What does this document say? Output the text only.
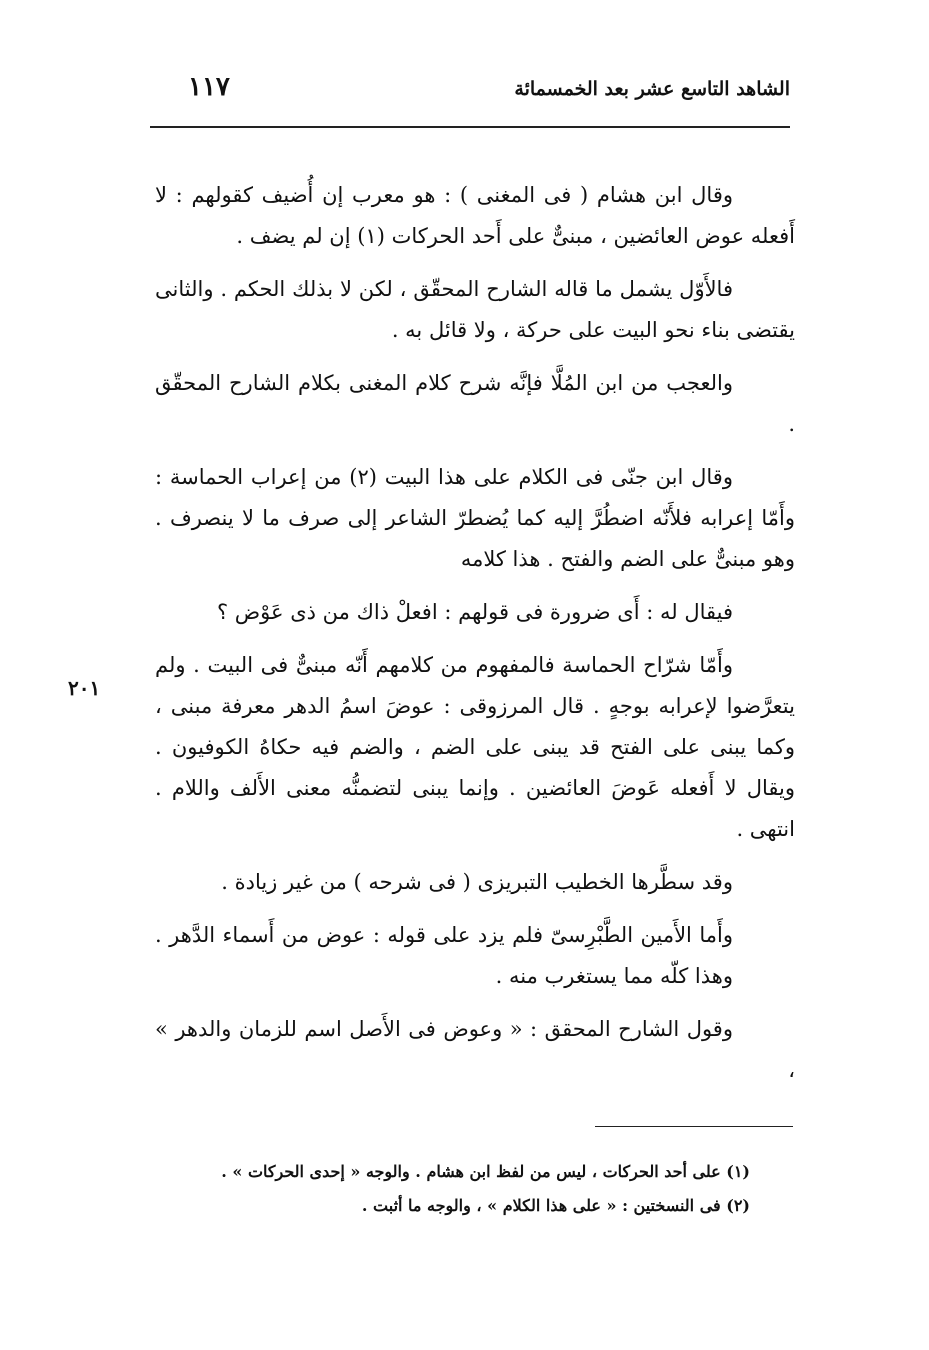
الشاهد التاسع عشر بعد الخمسمائة
١١٧

وقال ابن هشام ( فى المغنى ) : هو معرب إن أُضيف كقولهم : لا أَفعله عوض العائضين ، مبنىٌّ على أَحد الحركات (١) إن لم يضف .

فالأَوّل يشمل ما قاله الشارح المحقّق ، لكن لا بذلك الحكم . والثانى يقتضى بناء نحو البيت على حركة ، ولا قائل به .

والعجب من ابن المُلَّا فإنَّه شرح كلام المغنى بكلام الشارح المحقّق .

وقال ابن جنّى فى الكلام على هذا البيت (٢) من إعراب الحماسة : وأَمّا إعرابه فلأَنّه اضطُرَّ إليه كما يُضطرّ الشاعر إلى صرف ما لا ينصرف . وهو مبنىٌّ على الضم والفتح . هذا كلامه

فيقال له : أَى ضرورة فى قولهم : افعلْ ذاك من ذى عَوْض ؟

وأَمّا شرّاح الحماسة فالمفهوم من كلامهم أَنّه مبنىٌّ فى البيت . ولم يتعرَّضوا لإعرابه بوجهٍ . قال المرزوقى : عوضَ اسمُ الدهر معرفة مبنى ، وكما يبنى على الفتح قد يبنى على الضم ، والضم فيه حكاهُ الكوفيون . ويقال لا أَفعله عَوضَ العائضين . وإنما يبنى لتضمنُّه معنى الأَلف واللام . انتهى .

وقد سطَّرها الخطيب التبريزى ( فى شرحه ) من غير زيادة .

وأَما الأَمين الطَّبْرِسىّ فلم يزد على قوله : عوض من أَسماء الدَّهر . وهذا كلّه مما يستغرب منه .

وقول الشارح المحقق : « وعوض فى الأَصل اسم للزمان والدهر » ،

٢٠١
(١) على أحد الحركات ، ليس من لفظ ابن هشام . والوجه « إحدى الحركات » .
(٢) فى النسختين : « على هذا الكلام » ، والوجه ما أثبت .
